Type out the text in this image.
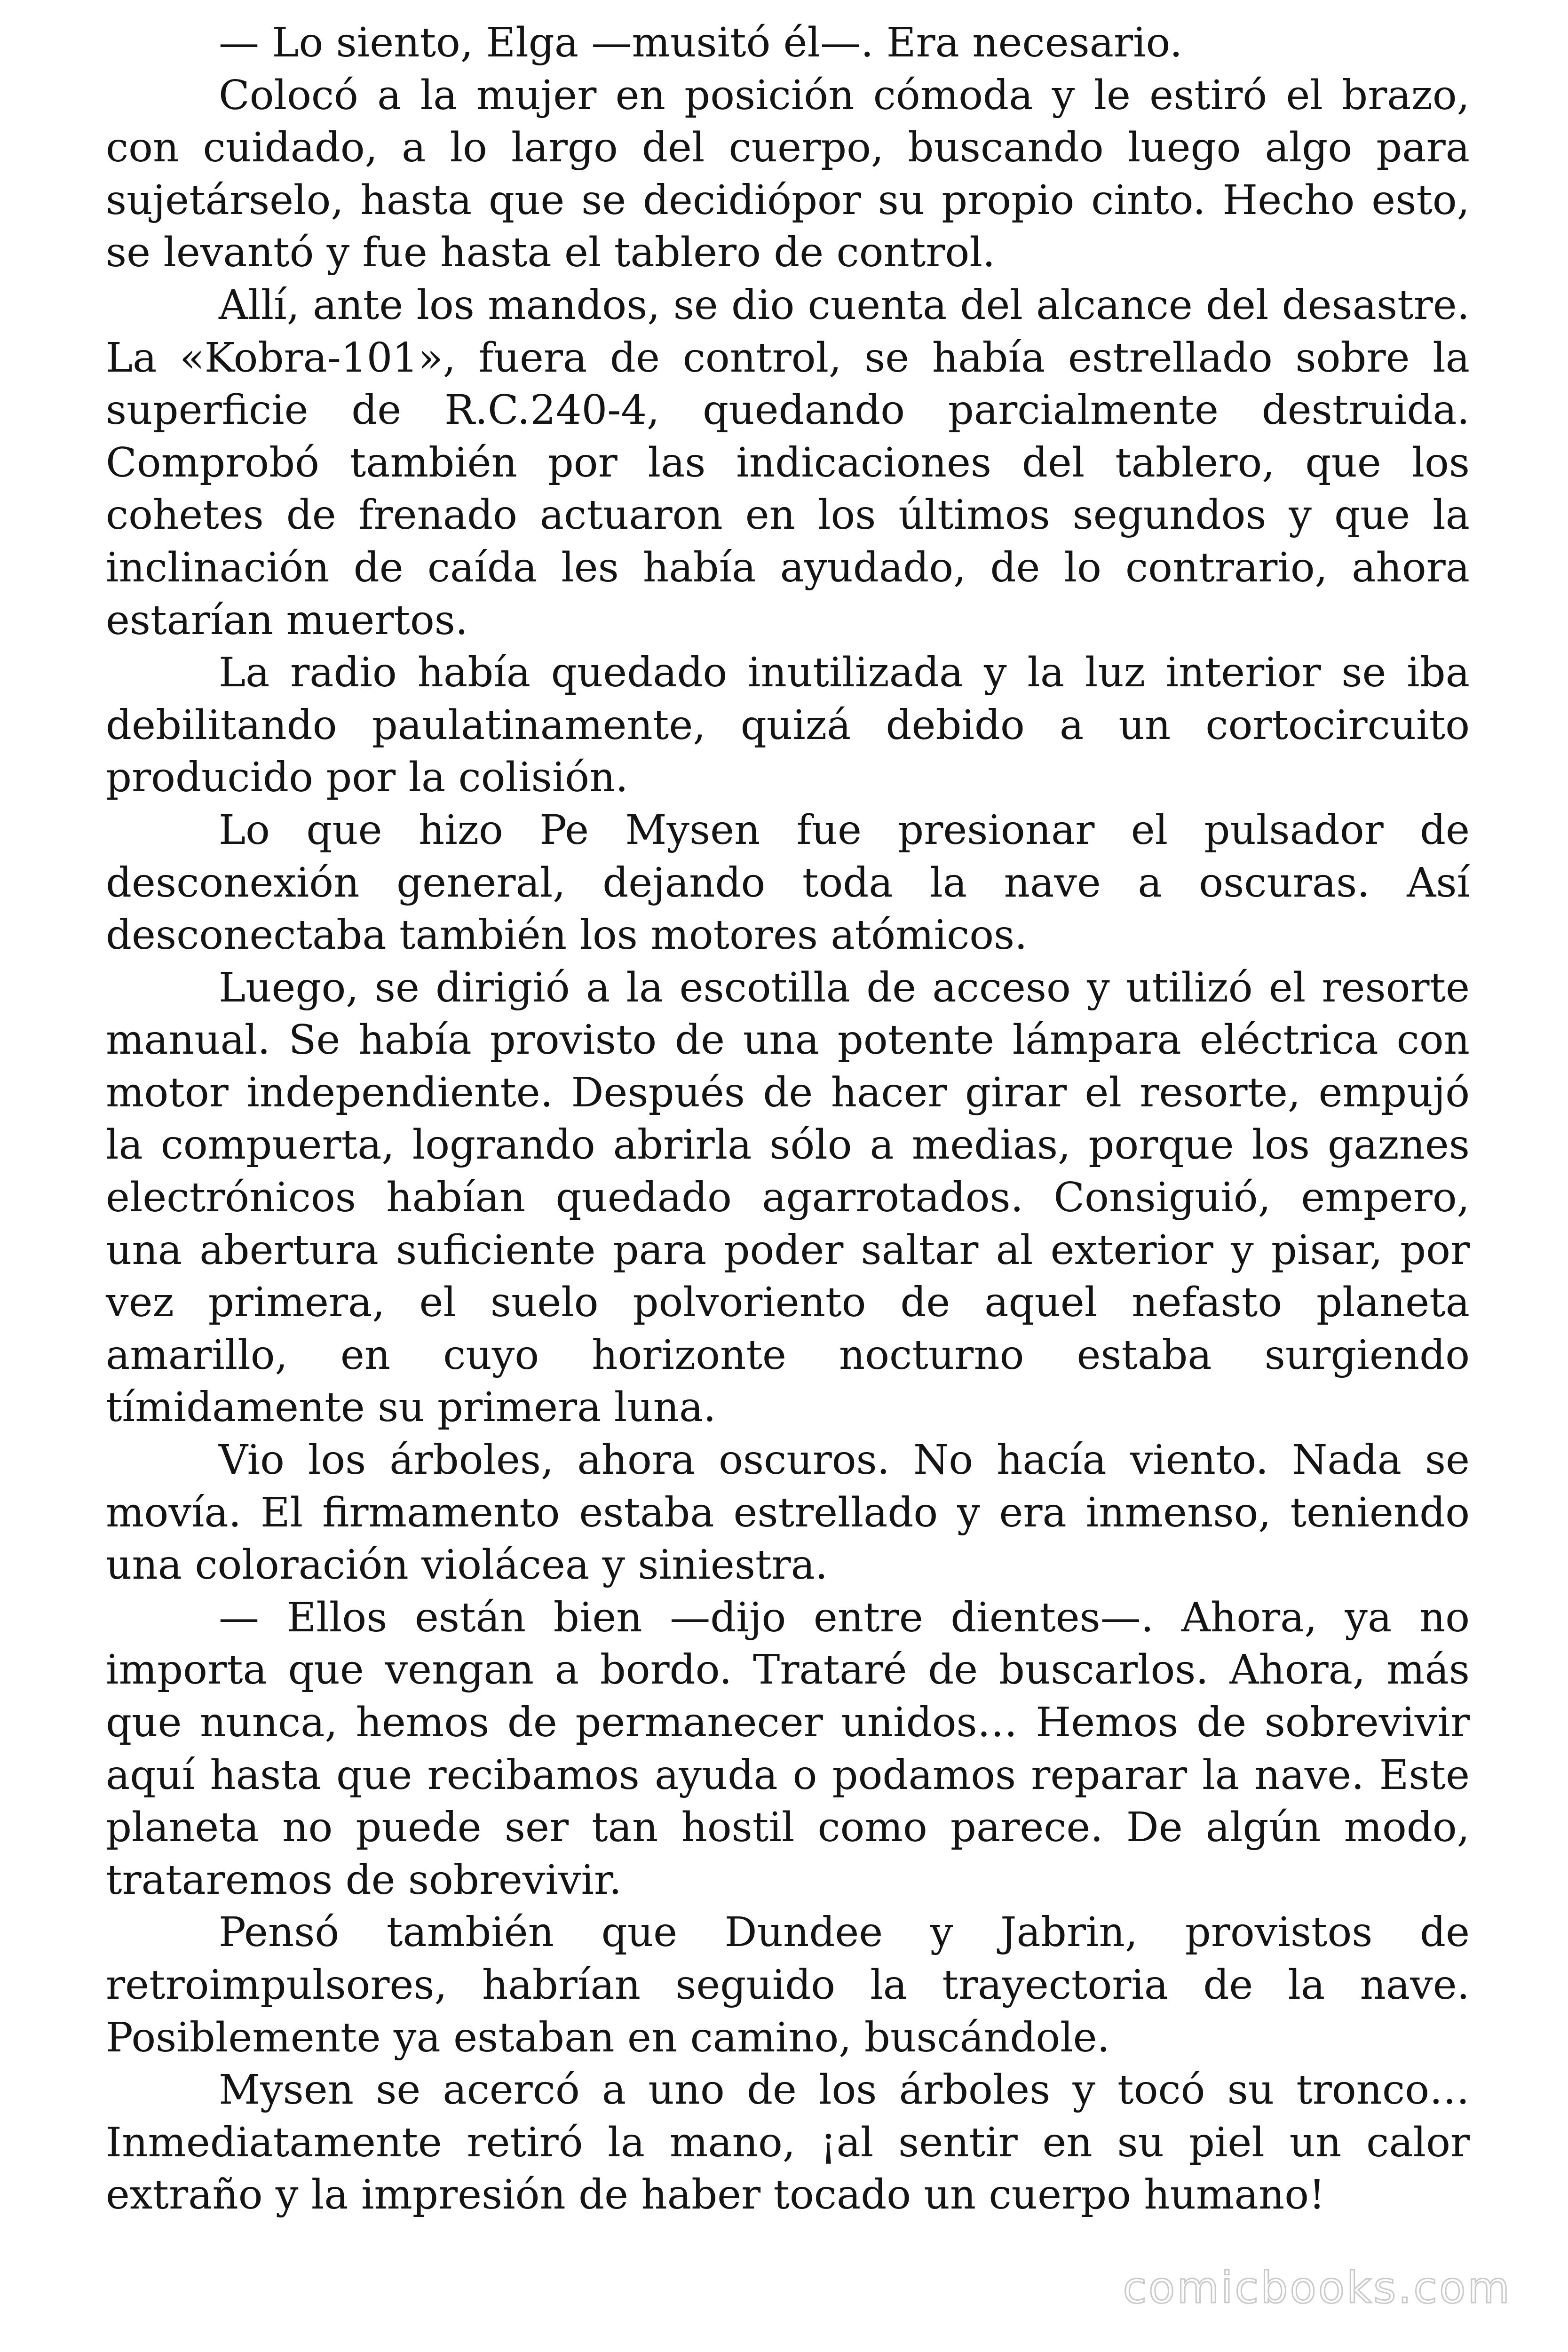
— Lo siento, Elga —musitó él—. Era necesario.

Colocó a la mujer en posición cómoda y le estiró el brazo, con cuidado, a lo largo del cuerpo, buscando luego algo para sujetárselo, hasta que se decidiópor su propio cinto. Hecho esto, se levantó y fue hasta el tablero de control.

Allí, ante los mandos, se dio cuenta del alcance del desastre. La «Kobra-101», fuera de control, se había estrellado sobre la superficie de R.C.240-4, quedando parcialmente destruida. Comprobó también por las indicaciones del tablero, que los cohetes de frenado actuaron en los últimos segundos y que la inclinación de caída les había ayudado, de lo contrario, ahora estarían muertos.

La radio había quedado inutilizada y la luz interior se iba debilitando paulatinamente, quizá debido a un cortocircuito producido por la colisión.

Lo que hizo Pe Mysen fue presionar el pulsador de desconexión general, dejando toda la nave a oscuras. Así desconectaba también los motores atómicos.

Luego, se dirigió a la escotilla de acceso y utilizó el resorte manual. Se había provisto de una potente lámpara eléctrica con motor independiente. Después de hacer girar el resorte, empujó la compuerta, logrando abrirla sólo a medias, porque los gaznes electrónicos habían quedado agarrotados. Consiguió, empero, una abertura suficiente para poder saltar al exterior y pisar, por vez primera, el suelo polvoriento de aquel nefasto planeta amarillo, en cuyo horizonte nocturno estaba surgiendo tímidamente su primera luna.

Vio los árboles, ahora oscuros. No hacía viento. Nada se movía. El firmamento estaba estrellado y era inmenso, teniendo una coloración violácea y siniestra.

— Ellos están bien —dijo entre dientes—. Ahora, ya no importa que vengan a bordo. Trataré de buscarlos. Ahora, más que nunca, hemos de permanecer unidos… Hemos de sobrevivir aquí hasta que recibamos ayuda o podamos reparar la nave. Este planeta no puede ser tan hostil como parece. De algún modo, trataremos de sobrevivir.

Pensó también que Dundee y Jabrin, provistos de retroimpulsores, habrían seguido la trayectoria de la nave. Posiblemente ya estaban en camino, buscándole.

Mysen se acercó a uno de los árboles y tocó su tronco… Inmediatamente retiró la mano, ¡al sentir en su piel un calor extraño y la impresión de haber tocado un cuerpo humano!

comicbooks.com
